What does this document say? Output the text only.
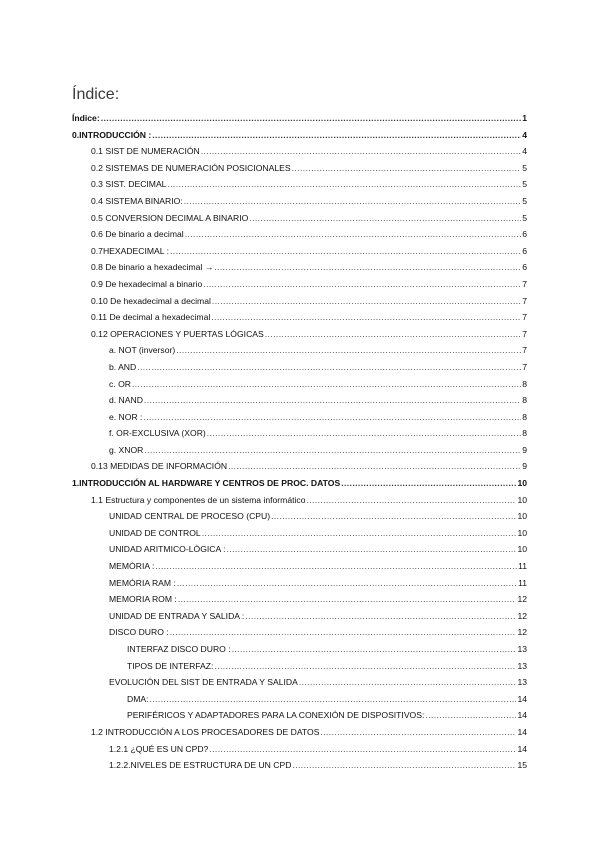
Índice:
Índice: .....	1
0.INTRODUCCIÓN : .....	4
0.1 SIST DE NUMERACIÓN .....	4
0.2 SISTEMAS DE NUMERACIÓN POSICIONALES .....	5
0.3 SIST. DECIMAL .....	5
0.4 SISTEMA BINARIO: .....	5
0.5 CONVERSION DECIMAL A BINARIO .....	5
0.6 De binario a decimal .....	6
0.7HEXADECIMAL : .....	6
0.8 De binario a hexadecimal → .....	6
0.9 De hexadecimal a binario .....	7
0.10 De hexadecimal a decimal .....	7
0.11 De decimal a hexadecimal .....	7
0.12 OPERACIONES Y PUERTAS LÓGICAS .....	7
a. NOT (inversor) .....	7
b. AND .....	7
c. OR .....	8
d. NAND .....	8
e. NOR : .....	8
f. OR-EXCLUSIVA (XOR) .....	8
g. XNOR .....	9
0.13 MEDIDAS DE INFORMACIÓN .....	9
1.INTRODUCCIÓN AL HARDWARE Y CENTROS DE PROC. DATOS .....	10
1.1 Estructura y componentes de un sistema informático .....	10
UNIDAD CENTRAL DE PROCESO (CPU) .....	10
UNIDAD DE CONTROL .....	10
UNIDAD ARITMICO-LÒGICA : .....	10
MEMÒRIA : .....	11
MEMÓRIA RAM : .....	11
MEMORIA ROM : .....	12
UNIDAD DE ENTRADA Y SALIDA : .....	12
DISCO DURO : .....	12
INTERFAZ DISCO DURO : .....	13
TIPOS DE INTERFAZ: .....	13
EVOLUCIÓN DEL SIST DE ENTRADA Y SALIDA .....	13
DMA: .....	14
PERIFÉRICOS Y ADAPTADORES PARA LA CONEXIÓN DE DISPOSITIVOS: .....	14
1.2 INTRODUCCIÓN A LOS PROCESADORES DE DATOS .....	14
1.2.1 ¿QUÉ ES UN CPD? .....	14
1.2.2.NIVELES DE ESTRUCTURA DE UN CPD .....	15
